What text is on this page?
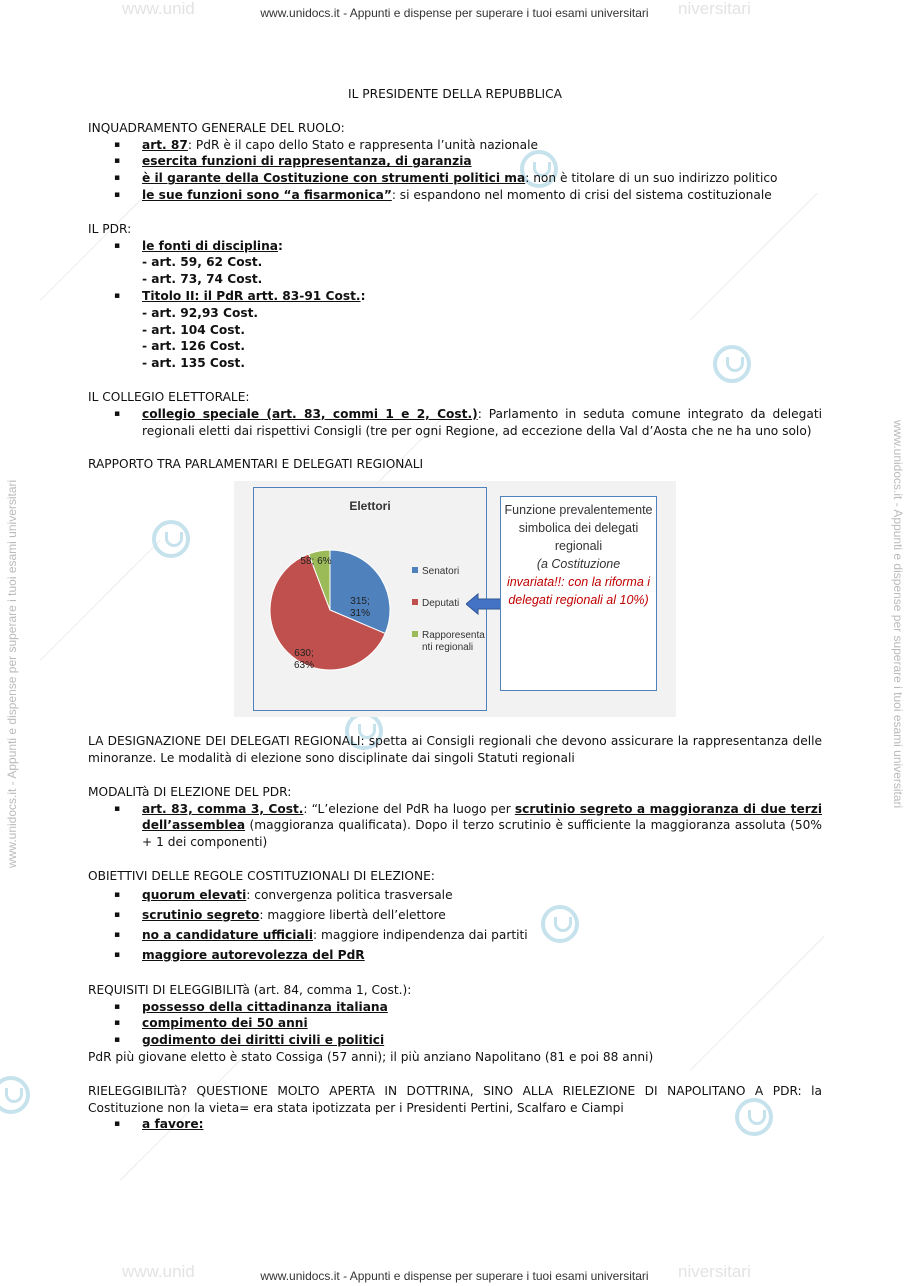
www.unid	niversitari
www.unidocs.it - Appunti e dispense per superare i tuoi esami universitari
www.unid	niversitari
www.unidocs.it - Appunti e dispense per superare i tuoi esami universitari
www.unidocs.it - Appunti e dispense per superare i tuoi esami universitari	www.unidocs.it - Appunti e dispense per superare i tuoi esami universitari
IL PRESIDENTE DELLA REPUBBLICA
INQUADRAMENTO GENERALE DEL RUOLO:
▪ art. 87: PdR è il capo dello Stato e rappresenta l’unità nazionale
▪ esercita funzioni di rappresentanza, di garanzia
▪ è il garante della Costituzione con strumenti politici ma: non è titolare di un suo indirizzo politico
▪ le sue funzioni sono “a fisarmonica”: si espandono nel momento di crisi del sistema costituzionale
IL PDR:
▪ le fonti di disciplina:
- art. 59, 62 Cost.
- art. 73, 74 Cost.
▪ Titolo II: il PdR artt. 83-91 Cost.:
- art. 92,93 Cost.
- art. 104 Cost.
- art. 126 Cost.
- art. 135 Cost.
IL COLLEGIO ELETTORALE:
▪ collegio speciale (art. 83, commi 1 e 2, Cost.): Parlamento in seduta comune integrato da delegati regionali eletti dai rispettivi Consigli (tre per ogni Regione, ad eccezione della Val d’Aosta che ne ha uno solo)
RAPPORTO TRA PARLAMENTARI E DELEGATI REGIONALI
Elettori
315; 31%
630; 63%
58; 6%
Senatori
Deputati
Rapporesenta nti regionali
Funzione prevalentemente simbolica dei delegati regionali
(a Costituzione
invariata!!: con la riforma i delegati regionali al 10%)
LA DESIGNAZIONE DEI DELEGATI REGIONALI: spetta ai Consigli regionali che devono assicurare la rappresentanza delle minoranze. Le modalità di elezione sono disciplinate dai singoli Statuti regionali
MODALITà DI ELEZIONE DEL PDR:
▪ art. 83, comma 3, Cost.: “L’elezione del PdR ha luogo per scrutinio segreto a maggioranza di due terzi dell’assemblea (maggioranza qualificata). Dopo il terzo scrutinio è sufficiente la maggioranza assoluta (50% + 1 dei componenti)
OBIETTIVI DELLE REGOLE COSTITUZIONALI DI ELEZIONE:
▪ quorum elevati: convergenza politica trasversale
▪ scrutinio segreto: maggiore libertà dell’elettore
▪ no a candidature ufficiali: maggiore indipendenza dai partiti
▪ maggiore autorevolezza del PdR
REQUISITI DI ELEGGIBILITà (art. 84, comma 1, Cost.):
▪ possesso della cittadinanza italiana
▪ compimento dei 50 anni
▪ godimento dei diritti civili e politici
PdR più giovane eletto è stato Cossiga (57 anni); il più anziano Napolitano (81 e poi 88 anni)
RIELEGGIBILITà? QUESTIONE MOLTO APERTA IN DOTTRINA, SINO ALLA RIELEZIONE DI NAPOLITANO A PDR: la Costituzione non la vieta= era stata ipotizzata per i Presidenti Pertini, Scalfaro e Ciampi
▪ a favore:
